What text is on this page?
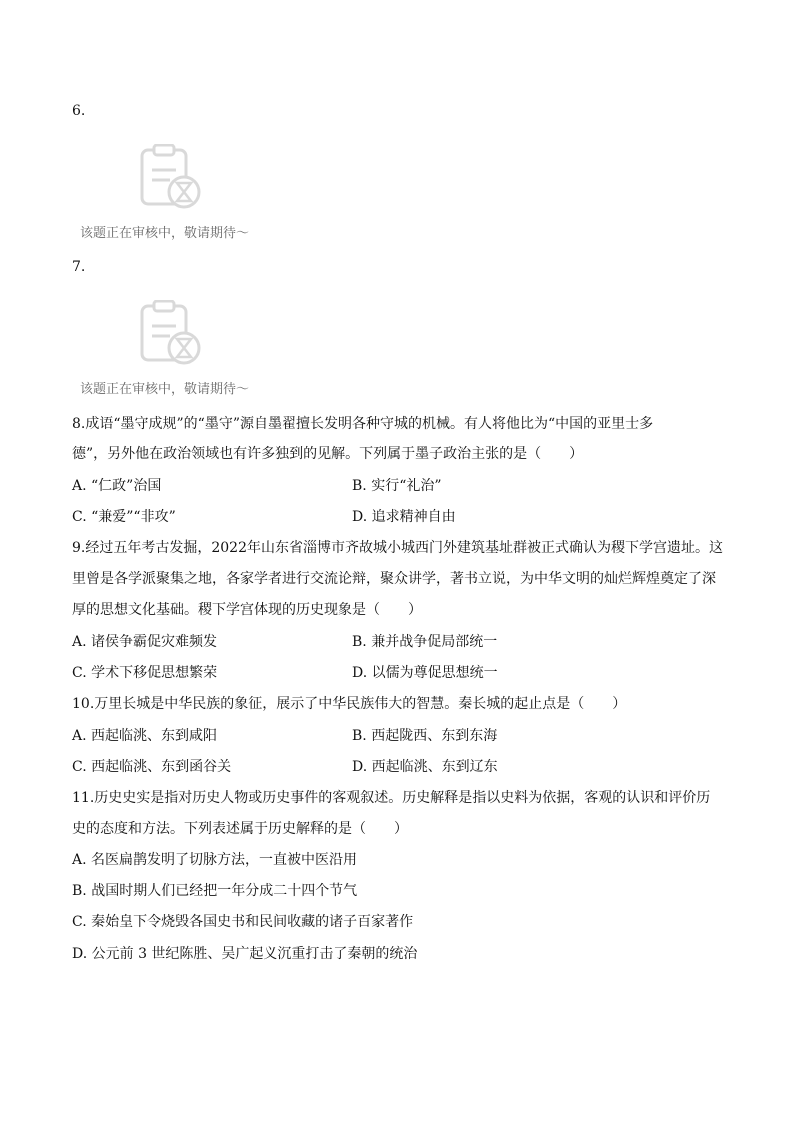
6.
该题正在审核中，敬请期待～
7.
该题正在审核中，敬请期待～
8.成语“墨守成规”的“墨守”源自墨翟擅长发明各种守城的机械。有人将他比为“中国的亚里士多
德”，另外他在政治领域也有许多独到的见解。下列属于墨子政治主张的是（　　）
A. “仁政”治国	B. 实行“礼治”
C. “兼爱”“非攻”	D. 追求精神自由
9.经过五年考古发掘，2022年山东省淄博市齐故城小城西门外建筑基址群被正式确认为稷下学宫遗址。这
里曾是各学派聚集之地，各家学者进行交流论辩，聚众讲学，著书立说，为中华文明的灿烂辉煌奠定了深
厚的思想文化基础。稷下学宫体现的历史现象是（　　）
A. 诸侯争霸促灾难频发	B. 兼并战争促局部统一
C. 学术下移促思想繁荣	D. 以儒为尊促思想统一
10.万里长城是中华民族的象征，展示了中华民族伟大的智慧。秦长城的起止点是（　　）
A. 西起临洮、东到咸阳	B. 西起陇西、东到东海
C. 西起临洮、东到函谷关	D. 西起临洮、东到辽东
11.历史史实是指对历史人物或历史事件的客观叙述。历史解释是指以史料为依据，客观的认识和评价历
史的态度和方法。下列表述属于历史解释的是（　　）
A. 名医扁鹊发明了切脉方法，一直被中医沿用
B. 战国时期人们已经把一年分成二十四个节气
C. 秦始皇下令烧毁各国史书和民间收藏的诸子百家著作
D. 公元前 3 世纪陈胜、吴广起义沉重打击了秦朝的统治
